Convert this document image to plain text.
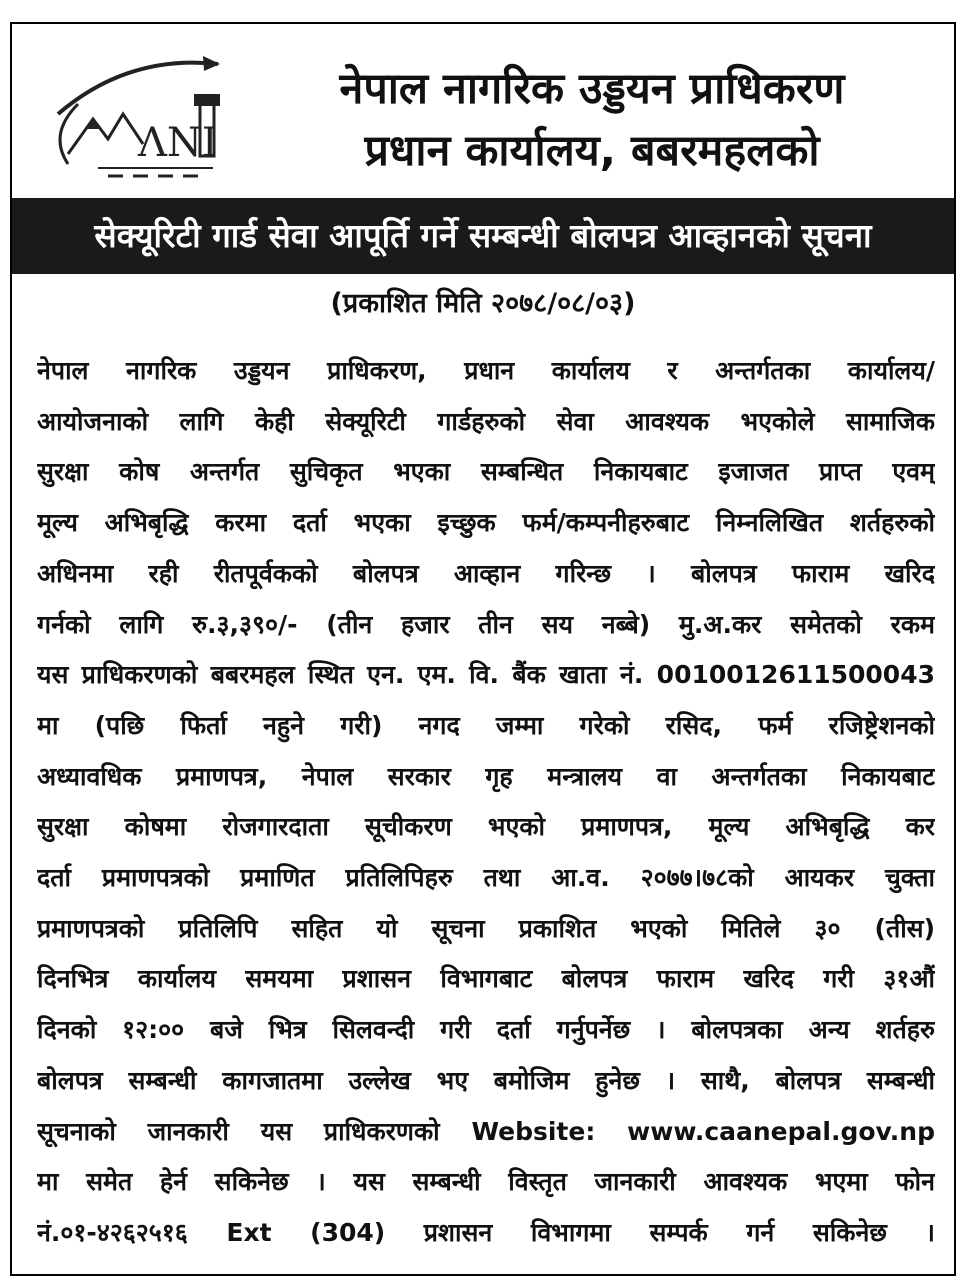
ɅNI
नेपाल नागरिक उड्डयन प्राधिकरण
प्रधान कार्यालय, बबरमहलको
सेक्यूरिटी गार्ड सेवा आपूर्ति गर्ने सम्बन्धी बोलपत्र आव्हानको सूचना

(प्रकाशित मिति २०७८/०८/०३)

नेपाल नागरिक उड्डयन प्राधिकरण, प्रधान कार्यालय र अन्तर्गतका कार्यालय/
आयोजनाको लागि केही सेक्यूरिटी गार्डहरुको सेवा आवश्यक भएकोले सामाजिक
सुरक्षा कोष अन्तर्गत सुचिकृत भएका सम्बन्धित निकायबाट इजाजत प्राप्त एवम्
मूल्य अभिबृद्धि करमा दर्ता भएका इच्छुक फर्म/कम्पनीहरुबाट निम्नलिखित शर्तहरुको
अधिनमा रही रीतपूर्वकको बोलपत्र आव्हान गरिन्छ । बोलपत्र फाराम खरिद
गर्नको लागि रु.३,३९०/- (तीन हजार तीन सय नब्बे) मु.अ.कर समेतको रकम
यस प्राधिकरणको बबरमहल स्थित एन. एम. वि. बैंक खाता नं. 0010012611500043
मा (पछि फिर्ता नहुने गरी) नगद जम्मा गरेको रसिद, फर्म रजिष्ट्रेशनको
अध्यावधिक प्रमाणपत्र, नेपाल सरकार गृह मन्त्रालय वा अन्तर्गतका निकायबाट
सुरक्षा कोषमा रोजगारदाता सूचीकरण भएको प्रमाणपत्र, मूल्य अभिबृद्धि कर
दर्ता प्रमाणपत्रको प्रमाणित प्रतिलिपिहरु तथा आ.व. २०७७।७८को आयकर चुक्ता
प्रमाणपत्रको प्रतिलिपि सहित यो सूचना प्रकाशित भएको मितिले ३० (तीस)
दिनभित्र कार्यालय समयमा प्रशासन विभागबाट बोलपत्र फाराम खरिद गरी ३१औं
दिनको १२:०० बजे भित्र सिलवन्दी गरी दर्ता गर्नुपर्नेछ । बोलपत्रका अन्य शर्तहरु
बोलपत्र सम्बन्धी कागजातमा उल्लेख भए बमोजिम हुनेछ । साथै, बोलपत्र सम्बन्धी
सूचनाको जानकारी यस प्राधिकरणको Website: www.caanepal.gov.np
मा समेत हेर्न सकिनेछ । यस सम्बन्धी विस्तृत जानकारी आवश्यक भएमा फोन
नं.०१-४२६२५१६ Ext (304) प्रशासन विभागमा सम्पर्क गर्न सकिनेछ ।
